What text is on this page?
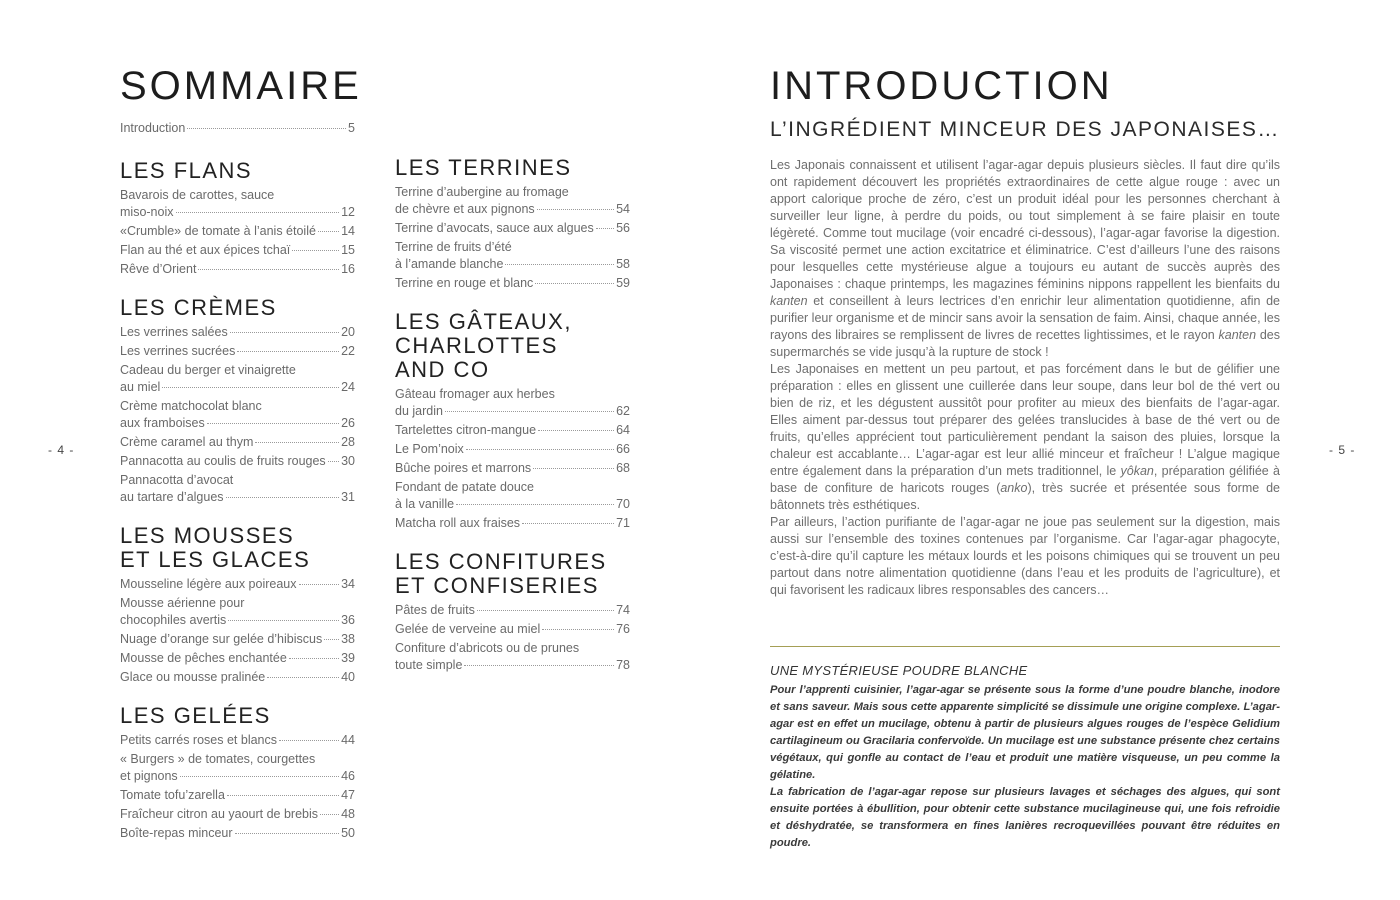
- 4 -	- 5 -
SOMMAIRE
Introduction	5
LES FLANS
Bavarois de carottes, sauce
miso-noix	12
«Crumble» de tomate à l’anis étoilé 14
Flan au thé et aux épices tchaï	15
Rêve d’Orient	16
LES CRÈMES
Les verrines salées	20
Les verrines sucrées	22
Cadeau du berger et vinaigrette
au miel	24
Crème matchocolat blanc
aux framboises	26
Crème caramel au thym	28
Pannacotta au coulis de fruits rouges 30
Pannacotta d’avocat
au tartare d’algues	31
LES MOUSSES
ET LES GLACES
Mousseline légère aux poireaux	34
Mousse aérienne pour
chocophiles avertis	36
Nuage d’orange sur gelée d’hibiscus 38
Mousse de pêches enchantée	39
Glace ou mousse pralinée	40
LES GELÉES
Petits carrés roses et blancs	44
« Burgers » de tomates, courgettes
et pignons	46
Tomate tofu’zarella	47
Fraîcheur citron au yaourt de brebis 48
Boîte-repas minceur	50
LES TERRINES
Terrine d’aubergine au fromage
de chèvre et aux pignons	54
Terrine d’avocats, sauce aux algues 56
Terrine de fruits d’été
à l’amande blanche	58
Terrine en rouge et blanc	59
LES GÂTEAUX,
CHARLOTTES
AND CO
Gâteau fromager aux herbes
du jardin	62
Tartelettes citron-mangue	64
Le Pom’noix	66
Bûche poires et marrons	68
Fondant de patate douce
à la vanille	70
Matcha roll aux fraises	71
LES CONFITURES
ET CONFISERIES
Pâtes de fruits	74
Gelée de verveine au miel	76
Confiture d’abricots ou de prunes
toute simple	78
INTRODUCTION
L’INGRÉDIENT MINCEUR DES JAPONAISES…

Les Japonais connaissent et utilisent l’agar-agar depuis plusieurs siècles. Il faut dire qu’ils ont rapidement découvert les propriétés extraordinaires de cette algue rouge : avec un apport calorique proche de zéro, c’est un produit idéal pour les personnes cherchant à surveiller leur ligne, à perdre du poids, ou tout simplement à se faire plaisir en toute légèreté. Comme tout mucilage (voir encadré ci-dessous), l’agar-agar favorise la digestion. Sa viscosité permet une action excitatrice et éliminatrice. C’est d’ailleurs l’une des raisons pour lesquelles cette mystérieuse algue a toujours eu autant de succès auprès des Japonaises : chaque printemps, les magazines féminins nippons rappellent les bienfaits du kanten et conseillent à leurs lectrices d’en enrichir leur alimentation quotidienne, afin de purifier leur organisme et de mincir sans avoir la sensation de faim. Ainsi, chaque année, les rayons des libraires se remplissent de livres de recettes lightissimes, et le rayon kanten des supermarchés se vide jusqu’à la rupture de stock !

Les Japonaises en mettent un peu partout, et pas forcément dans le but de gélifier une préparation : elles en glissent une cuillerée dans leur soupe, dans leur bol de thé vert ou bien de riz, et les dégustent aussitôt pour profiter au mieux des bienfaits de l’agar-agar. Elles aiment par-dessus tout préparer des gelées translucides à base de thé vert ou de fruits, qu’elles apprécient tout particulièrement pendant la saison des pluies, lorsque la chaleur est accablante… L’agar-agar est leur allié minceur et fraîcheur ! L’algue magique entre également dans la préparation d’un mets traditionnel, le yôkan, préparation gélifiée à base de confiture de haricots rouges (anko), très sucrée et présentée sous forme de bâtonnets très esthétiques.

Par ailleurs, l’action purifiante de l’agar-agar ne joue pas seulement sur la digestion, mais aussi sur l’ensemble des toxines contenues par l’organisme. Car l’agar-agar phagocyte, c’est-à-dire qu’il capture les métaux lourds et les poisons chimiques qui se trouvent un peu partout dans notre alimentation quotidienne (dans l’eau et les produits de l’agriculture), et qui favorisent les radicaux libres responsables des cancers…

UNE MYSTÉRIEUSE POUDRE BLANCHE

Pour l’apprenti cuisinier, l’agar-agar se présente sous la forme d’une poudre blanche, inodore et sans saveur. Mais sous cette apparente simplicité se dissimule une origine complexe. L’agar-agar est en effet un mucilage, obtenu à partir de plusieurs algues rouges de l’espèce Gelidium cartilagineum ou Gracilaria confervoïde. Un mucilage est une substance présente chez certains végétaux, qui gonfle au contact de l’eau et produit une matière visqueuse, un peu comme la gélatine.

La fabrication de l’agar-agar repose sur plusieurs lavages et séchages des algues, qui sont ensuite portées à ébullition, pour obtenir cette substance mucilagineuse qui, une fois refroidie et déshydratée, se transformera en fines lanières recroquevillées pouvant être réduites en poudre.
